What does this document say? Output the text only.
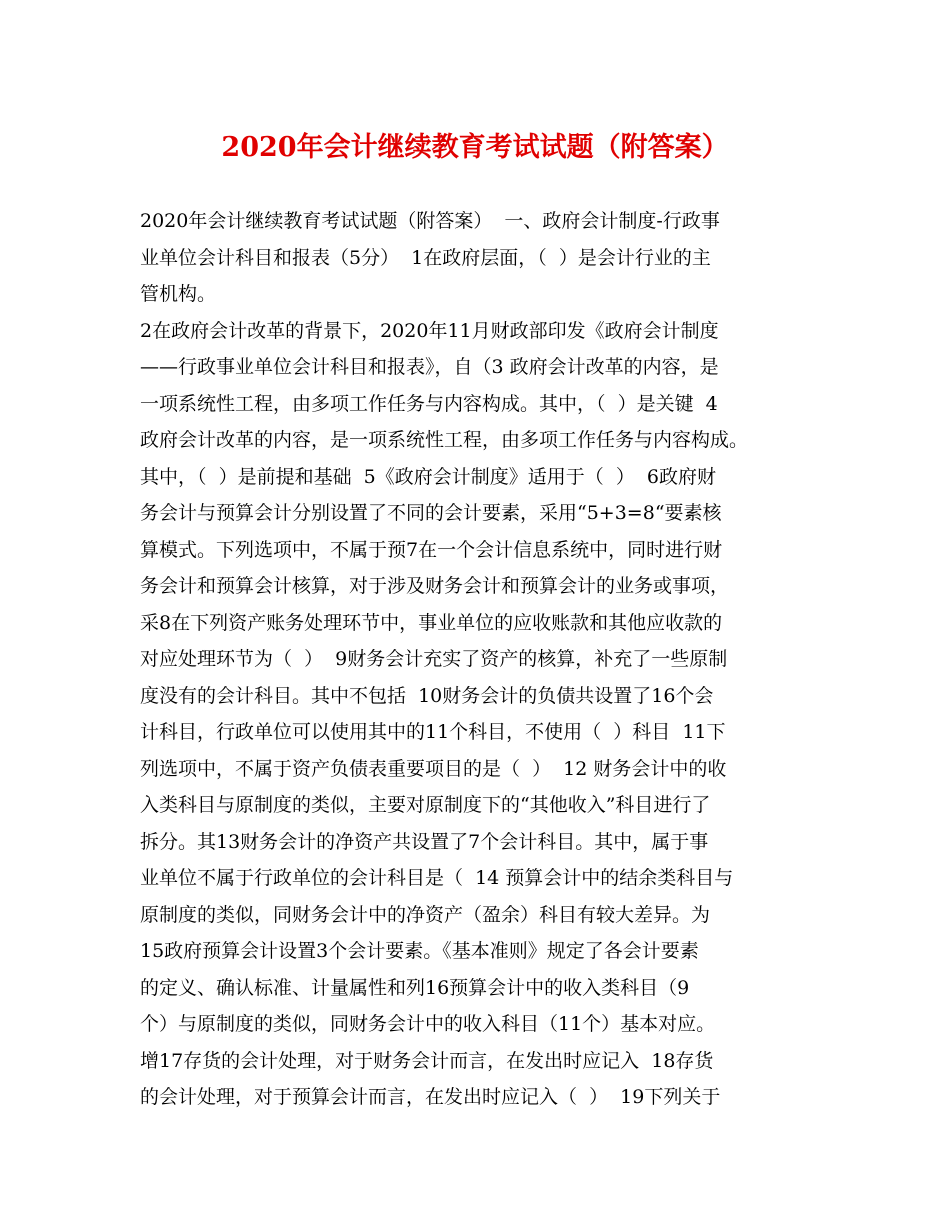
2020年会计继续教育考试试题（附答案）
2020年会计继续教育考试试题（附答案）  一、政府会计制度-行政事
业单位会计科目和报表（5分）  1在政府层面，（  ）是会计行业的主
管机构。
2在政府会计改革的背景下，2020年11月财政部印发《政府会计制度
——行政事业单位会计科目和报表》，自（3 政府会计改革的内容，是
一项系统性工程，由多项工作任务与内容构成。其中，（  ）是关键  4
政府会计改革的内容，是一项系统性工程，由多项工作任务与内容构成。
其中，（  ）是前提和基础  5《政府会计制度》适用于（  ）  6政府财
务会计与预算会计分别设置了不同的会计要素，采用“5+3=8“要素核
算模式。下列选项中，不属于预7在一个会计信息系统中，同时进行财
务会计和预算会计核算，对于涉及财务会计和预算会计的业务或事项，
采8在下列资产账务处理环节中，事业单位的应收账款和其他应收款的
对应处理环节为（  ）  9财务会计充实了资产的核算，补充了一些原制
度没有的会计科目。其中不包括  10财务会计的负债共设置了16个会
计科目，行政单位可以使用其中的11个科目，不使用（  ）科目  11下
列选项中，不属于资产负债表重要项目的是（  ）  12 财务会计中的收
入类科目与原制度的类似，主要对原制度下的“其他收入”科目进行了
拆分。其13财务会计的净资产共设置了7个会计科目。其中，属于事
业单位不属于行政单位的会计科目是（  14 预算会计中的结余类科目与
原制度的类似，同财务会计中的净资产（盈余）科目有较大差异。为
15政府预算会计设置3个会计要素。《基本准则》规定了各会计要素
的定义、确认标准、计量属性和列16预算会计中的收入类科目（9
个）与原制度的类似，同财务会计中的收入科目（11个）基本对应。
增17存货的会计处理，对于财务会计而言，在发出时应记入  18存货
的会计处理，对于预算会计而言，在发出时应记入（  ）  19下列关于
